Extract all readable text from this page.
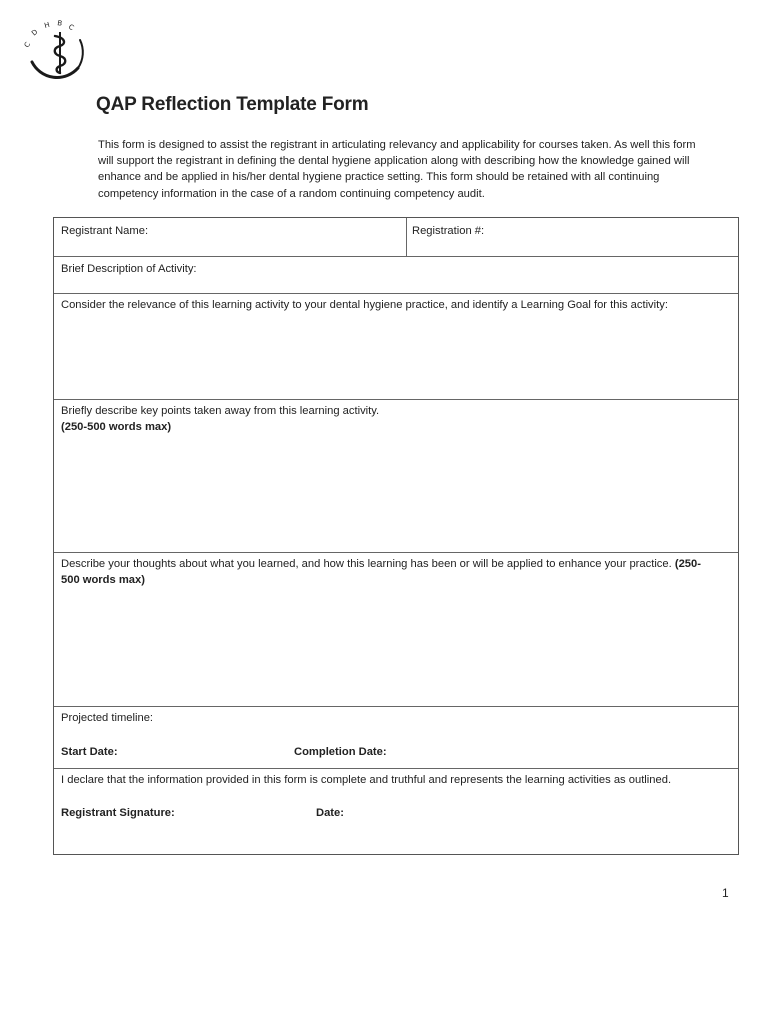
C
D
H B C
QAP Reflection Template Form
This form is designed to assist the registrant in articulating relevancy and applicability for courses taken. As well this form
will support the registrant in defining the dental hygiene application along with describing how the knowledge gained will
enhance and be applied in his/her dental hygiene practice setting. This form should be retained with all continuing
competency information in the case of a random continuing competency audit.
Registrant Name:	Registration #:
Brief Description of Activity:
Consider the relevance of this learning activity to your dental hygiene practice, and identify a Learning Goal for this activity:
Briefly describe key points taken away from this learning activity.
(250-500 words max)
Describe your thoughts about what you learned, and how this learning has been or will be applied to enhance your practice. (250-
500 words max)
Projected timeline:
Start Date:	Completion Date:
I declare that the information provided in this form is complete and truthful and represents the learning activities as outlined.
Registrant Signature:	Date:
1
